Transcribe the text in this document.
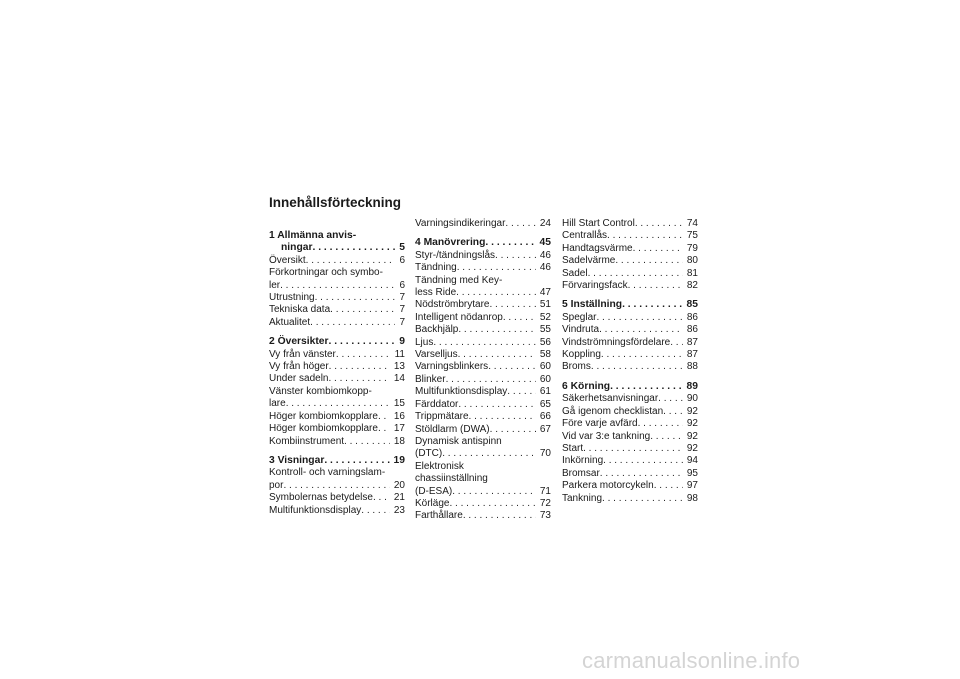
Innehållsförteckning
1 Allmänna anvis-
ningar . . .	5
Översikt . . .	6
Förkortningar och symbo-
ler . . .	6
Utrustning . . .	7
Tekniska data . . .	7
Aktualitet . . .	7
2 Översikter . . .	9
Vy från vänster . . .	11
Vy från höger . . .	13
Under sadeln . . .	14
Vänster kombiomkopp-
lare . . .	15
Höger kombiomkopplare . . .	16
Höger kombiomkopplare . . .	17
Kombiinstrument . . .	18
3 Visningar . . .	19
Kontroll- och varningslam-
por . . .	20
Symbolernas betydelse . . .	21
Multifunktionsdisplay . . .	23
Varningsindikeringar . . .	24
4 Manövrering . . .	45
Styr-/tändningslås . . .	46
Tändning . . .	46
Tändning med Key-
less Ride . . .	47
Nödströmbrytare . . .	51
Intelligent nödanrop . . .	52
Backhjälp . . .	55
Ljus . . .	56
Varselljus . . .	58
Varningsblinkers . . .	60
Blinker . . .	60
Multifunktionsdisplay . . .	61
Färddator . . .	65
Trippmätare . . .	66
Stöldlarm (DWA) . . .	67
Dynamisk antispinn
(DTC) . . .	70
Elektronisk chassiinställning
(D-ESA) . . .	71
Körläge . . .	72
Farthållare . . .	73
Hill Start Control . . .	74
Centrallås . . .	75
Handtagsvärme . . .	79
Sadelvärme . . .	80
Sadel . . .	81
Förvaringsfack . . .	82
5 Inställning . . .	85
Speglar . . .	86
Vindruta . . .	86
Vindströmningsfördelare . . .	87
Koppling . . .	87
Broms . . .	88
6 Körning . . .	89
Säkerhetsanvisningar . . .	90
Gå igenom checklistan . . .	92
Före varje avfärd . . .	92
Vid var 3:e tankning . . .	92
Start . . .	92
Inkörning . . .	94
Bromsar . . .	95
Parkera motorcykeln . . .	97
Tankning . . .	98
carmanualsonline.info
